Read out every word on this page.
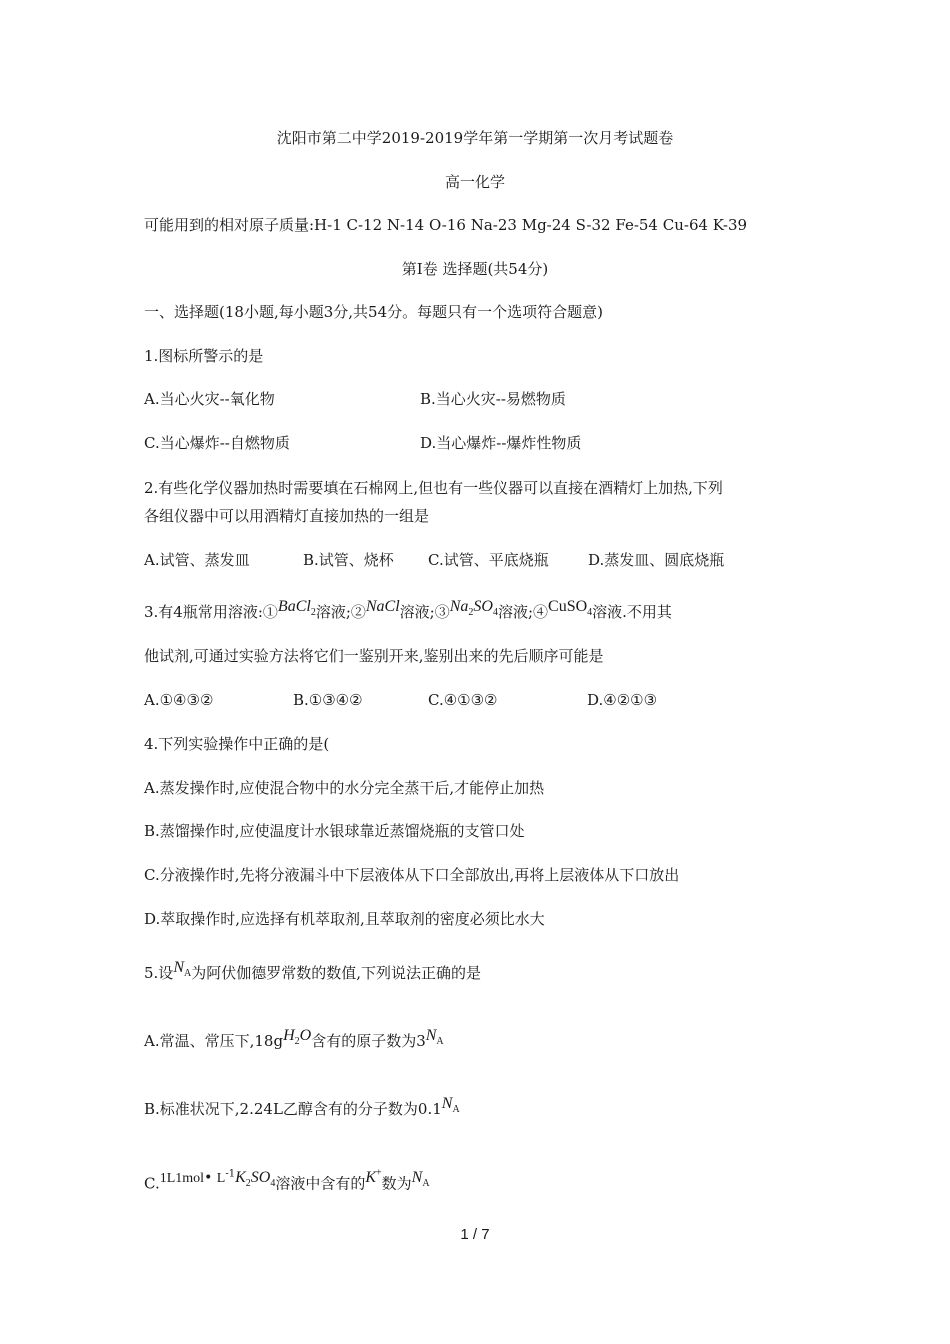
沈阳市第二中学2019-2019学年第一学期第一次月考试题卷
高一化学
可能用到的相对原子质量:H-1 C-12 N-14 O-16 Na-23 Mg-24 S-32 Fe-54 Cu-64 K-39
第Ⅰ卷 选择题(共54分)
一、选择题(18小题,每小题3分,共54分。每题只有一个选项符合题意)
1.图标所警示的是
A.当心火灾--氧化物	B.当心火灾--易燃物质
C.当心爆炸--自燃物质	D.当心爆炸--爆炸性物质
2.有些化学仪器加热时需要填在石棉网上,但也有一些仪器可以直接在酒精灯上加热,下列
各组仪器中可以用酒精灯直接加热的一组是
A.试管、蒸发皿	B.试管、烧杯 C.试管、平底烧瓶	D.蒸发皿、圆底烧瓶
3.有4瓶常用溶液:①$^{BaCl_2}$溶液;②$^{NaCl}$溶液;③$^{Na_2SO_4}$溶液;④$^{CuSO_4}$溶液.不用其
他试剂,可通过实验方法将它们一鉴别开来,鉴别出来的先后顺序可能是
A.①④③②	B.①③④②	C.④①③②	D.④②①③
4.下列实验操作中正确的是(
A.蒸发操作时,应使混合物中的水分完全蒸干后,才能停止加热
B.蒸馏操作时,应使温度计水银球靠近蒸馏烧瓶的支管口处
C.分液操作时,先将分液漏斗中下层液体从下口全部放出,再将上层液体从下口放出
D.萃取操作时,应选择有机萃取剂,且萃取剂的密度必须比水大
5.设$^{N_A}$为阿伏伽德罗常数的数值,下列说法正确的是
A.常温、常压下$,18g^{H_2O}$含有的原子数为$3^{N_A}$
B.标准状况下,2.24L乙醇含有的分子数为$0.1^{N_A}$
C.$^{1L1mol• L^{-1}K_2SO_4}$溶液中含有的$^{K^+}$数为$^{N_A}$
1 / 7
